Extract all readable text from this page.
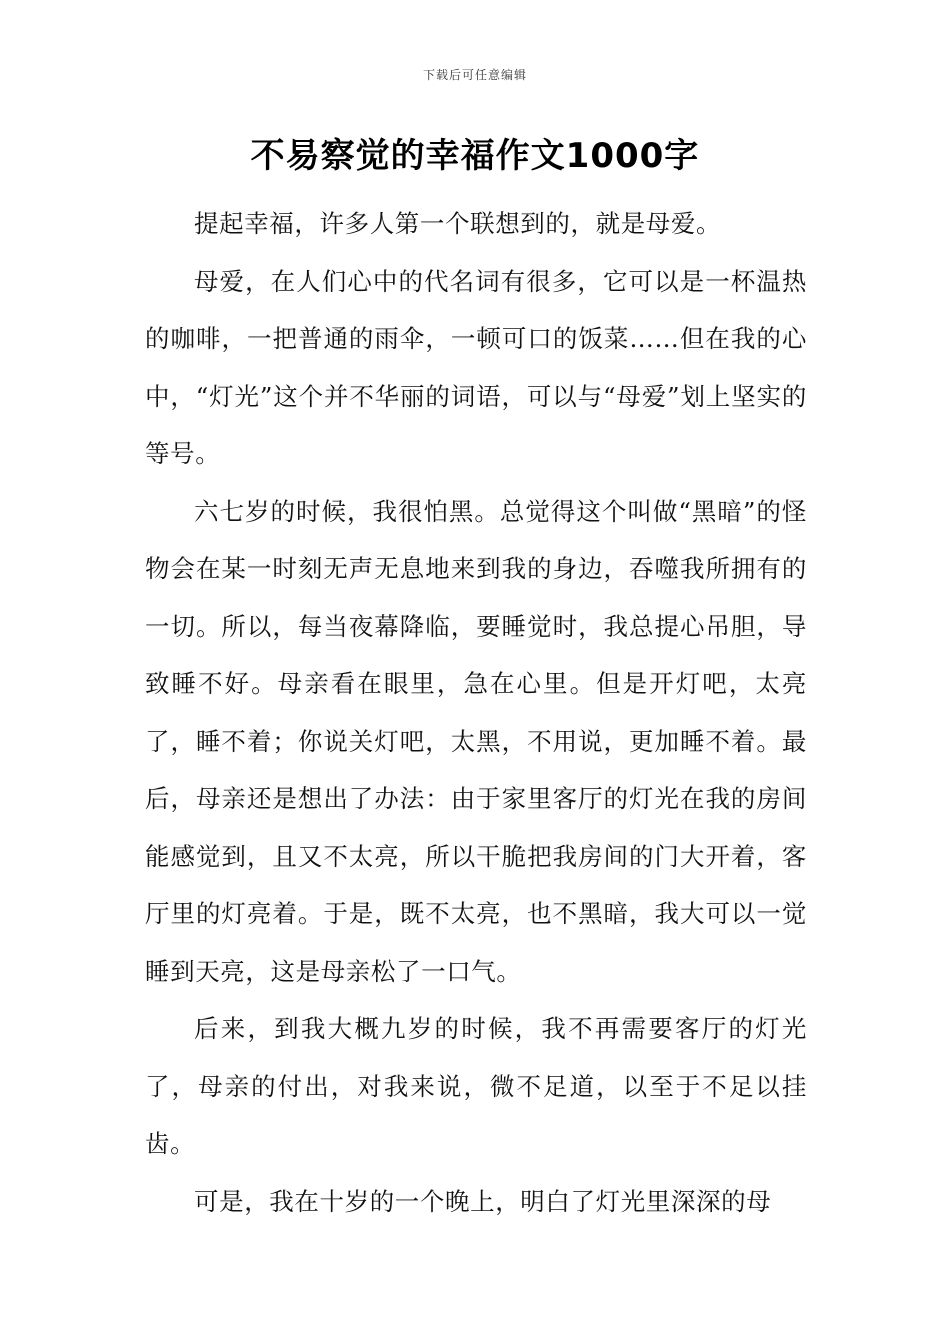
下载后可任意编辑
不易察觉的幸福作文1000字

提起幸福，许多人第一个联想到的，就是母爱。

母爱，在人们心中的代名词有很多，它可以是一杯温热的咖啡，一把普通的雨伞，一顿可口的饭菜……但在我的心中，“灯光”这个并不华丽的词语，可以与“母爱”划上坚实的等号。

六七岁的时候，我很怕黑。总觉得这个叫做“黑暗”的怪物会在某一时刻无声无息地来到我的身边，吞噬我所拥有的一切。所以，每当夜幕降临，要睡觉时，我总提心吊胆，导致睡不好。母亲看在眼里，急在心里。但是开灯吧，太亮了，睡不着；你说关灯吧，太黑，不用说，更加睡不着。最后，母亲还是想出了办法：由于家里客厅的灯光在我的房间能感觉到，且又不太亮，所以干脆把我房间的门大开着，客厅里的灯亮着。于是，既不太亮，也不黑暗，我大可以一觉睡到天亮，这是母亲松了一口气。

后来，到我大概九岁的时候，我不再需要客厅的灯光了，母亲的付出，对我来说，微不足道，以至于不足以挂齿。

可是，我在十岁的一个晚上，明白了灯光里深深的母
